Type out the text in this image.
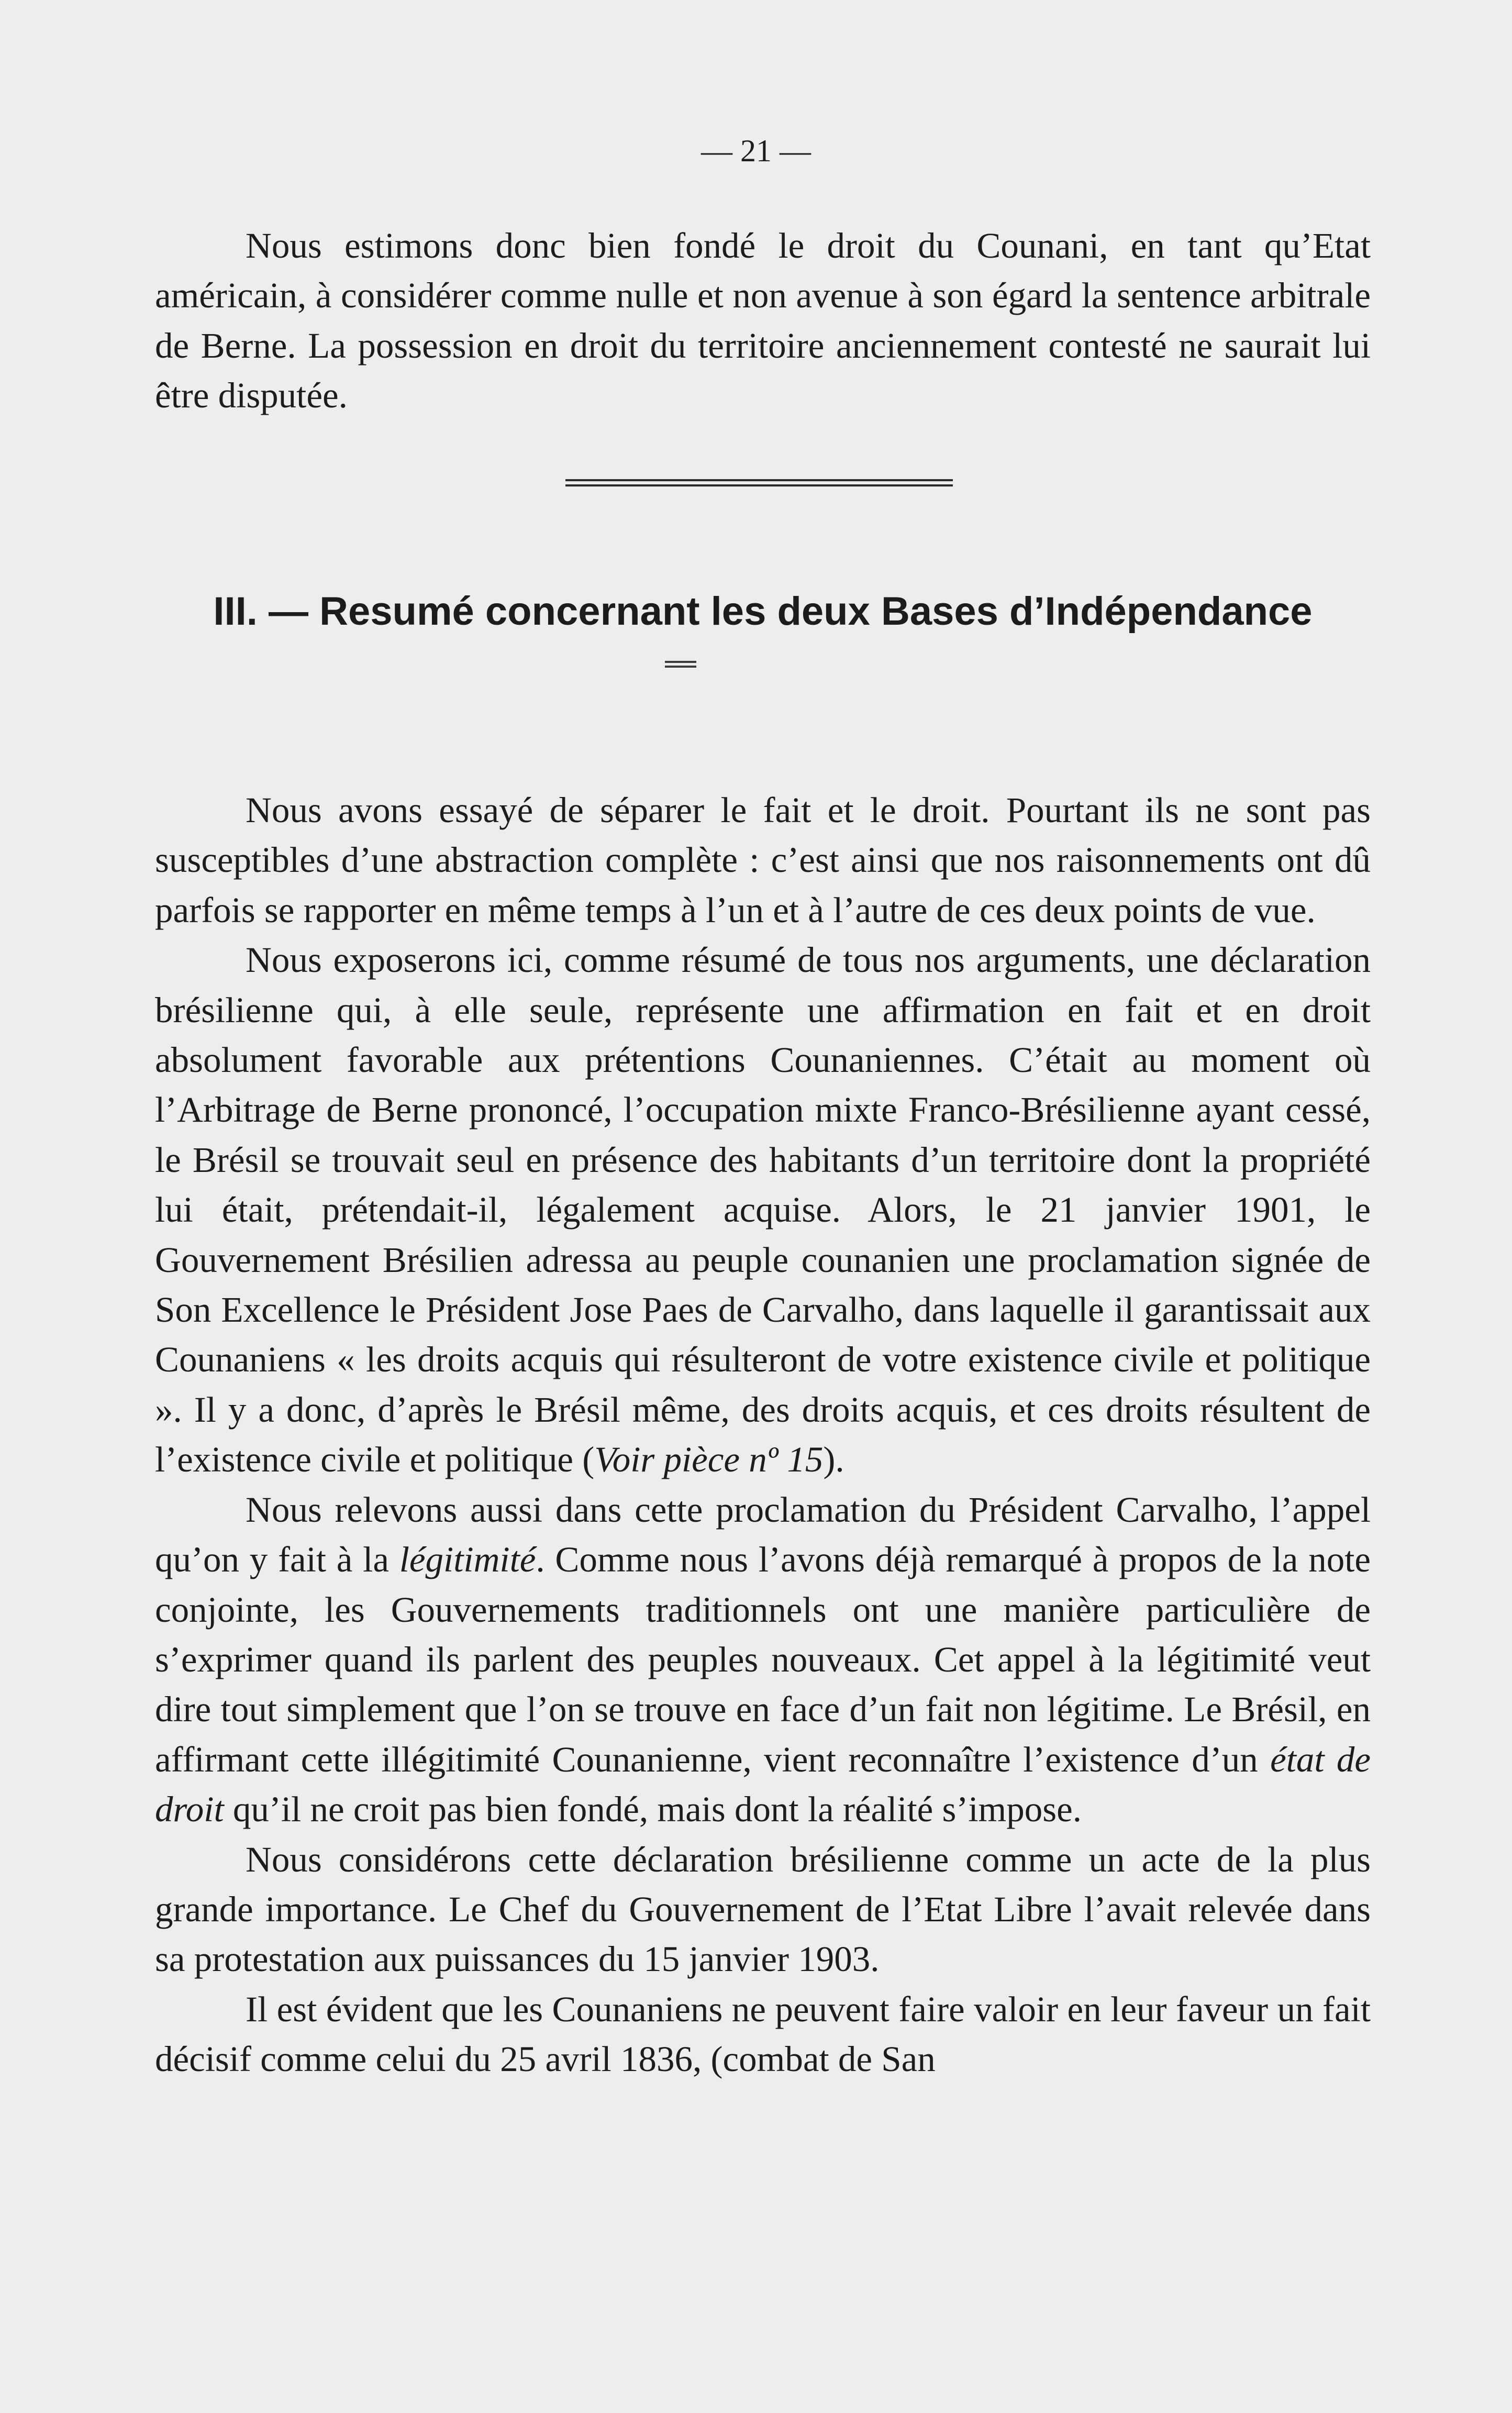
— 21 —

Nous estimons donc bien fondé le droit du Counani, en tant qu’Etat américain, à considérer comme nulle et non avenue à son égard la sentence arbitrale de Berne. La possession en droit du territoire anciennement contesté ne saurait lui être disputée.

III. — Resumé concernant les deux Bases d’Indépendance

Nous avons essayé de séparer le fait et le droit. Pourtant ils ne sont pas susceptibles d’une abstraction complète : c’est ainsi que nos raisonnements ont dû parfois se rapporter en même temps à l’un et à l’autre de ces deux points de vue.

Nous exposerons ici, comme résumé de tous nos arguments, une déclaration brésilienne qui, à elle seule, représente une affirmation en fait et en droit absolument favorable aux prétentions Counaniennes. C’était au moment où l’Arbitrage de Berne prononcé, l’occupation mixte Franco-Brésilienne ayant cessé, le Brésil se trouvait seul en présence des habitants d’un territoire dont la propriété lui était, prétendait-il, légalement acquise. Alors, le 21 janvier 1901, le Gouvernement Brésilien adressa au peuple counanien une proclamation signée de Son Excellence le Président Jose Paes de Carvalho, dans laquelle il garantissait aux Counaniens « les droits acquis qui résulteront de votre existence civile et politique ». Il y a donc, d’après le Brésil même, des droits acquis, et ces droits résultent de l’existence civile et politique (Voir pièce nº 15).

Nous relevons aussi dans cette proclamation du Président Carvalho, l’appel qu’on y fait à la légitimité. Comme nous l’avons déjà remarqué à propos de la note conjointe, les Gouvernements traditionnels ont une manière particulière de s’exprimer quand ils parlent des peuples nouveaux. Cet appel à la légitimité veut dire tout simplement que l’on se trouve en face d’un fait non légitime. Le Brésil, en affirmant cette illégitimité Counanienne, vient reconnaître l’existence d’un état de droit qu’il ne croit pas bien fondé, mais dont la réalité s’impose.

Nous considérons cette déclaration brésilienne comme un acte de la plus grande importance. Le Chef du Gouvernement de l’Etat Libre l’avait relevée dans sa protestation aux puissances du 15 janvier 1903.

Il est évident que les Counaniens ne peuvent faire valoir en leur faveur un fait décisif comme celui du 25 avril 1836, (combat de San
